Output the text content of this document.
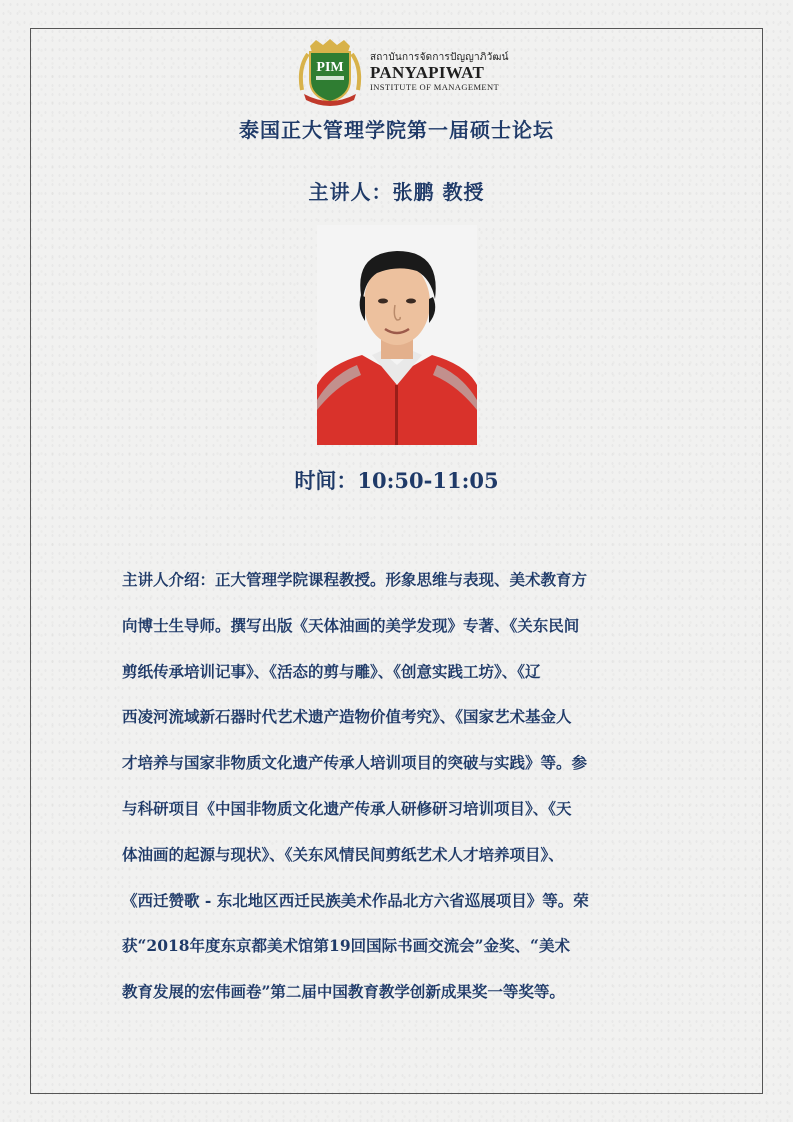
PIM
สถาบันการจัดการปัญญาภิวัฒน์
PANYAPIWAT
INSTITUTE OF MANAGEMENT
泰国正大管理学院第一届硕士论坛
主讲人：张鹏 教授
时间：10:50-11:05
主讲人介绍：正大管理学院课程教授。形象思维与表现、美术教育方
向博士生导师。撰写出版《天体油画的美学发现》专著、《关东民间
剪纸传承培训记事》、《活态的剪与雕》、《创意实践工坊》、《辽
西凌河流域新石器时代艺术遗产造物价值考究》、《国家艺术基金人
才培养与国家非物质文化遗产传承人培训项目的突破与实践》等。参
与科研项目《中国非物质文化遗产传承人研修研习培训项目》、《天
体油画的起源与现状》、《关东风情民间剪纸艺术人才培养项目》、
《西迁赞歌 - 东北地区西迁民族美术作品北方六省巡展项目》等。荣
获“2018年度东京都美术馆第19回国际书画交流会”金奖、“美术
教育发展的宏伟画卷”第二届中国教育教学创新成果奖一等奖等。
